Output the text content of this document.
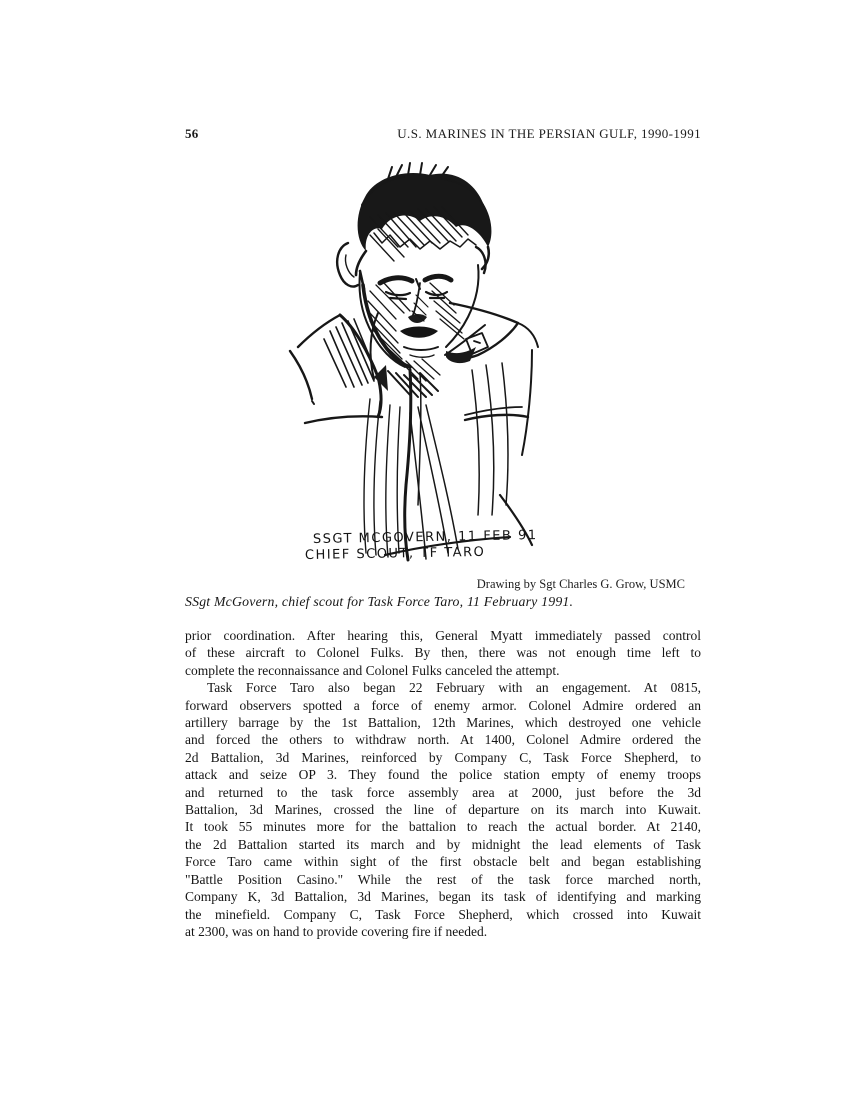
56	U.S. MARINES IN THE PERSIAN GULF, 1990-1991
SSGT MCGOVERN, 11 FEB 91
CHIEF SCOUT, TF TARO
Drawing by Sgt Charles G. Grow, USMC
SSgt McGovern, chief scout for Task Force Taro, 11 February 1991.
prior coordination. After hearing this, General Myatt immediately passed control
of these aircraft to Colonel Fulks. By then, there was not enough time left to
complete the reconnaissance and Colonel Fulks canceled the attempt.
Task Force Taro also began 22 February with an engagement. At 0815,
forward observers spotted a force of enemy armor. Colonel Admire ordered an
artillery barrage by the 1st Battalion, 12th Marines, which destroyed one vehicle
and forced the others to withdraw north. At 1400, Colonel Admire ordered the
2d Battalion, 3d Marines, reinforced by Company C, Task Force Shepherd, to
attack and seize OP 3. They found the police station empty of enemy troops
and returned to the task force assembly area at 2000, just before the 3d
Battalion, 3d Marines, crossed the line of departure on its march into Kuwait.
It took 55 minutes more for the battalion to reach the actual border. At 2140,
the 2d Battalion started its march and by midnight the lead elements of Task
Force Taro came within sight of the first obstacle belt and began establishing
"Battle Position Casino." While the rest of the task force marched north,
Company K, 3d Battalion, 3d Marines, began its task of identifying and marking
the minefield. Company C, Task Force Shepherd, which crossed into Kuwait
at 2300, was on hand to provide covering fire if needed.
